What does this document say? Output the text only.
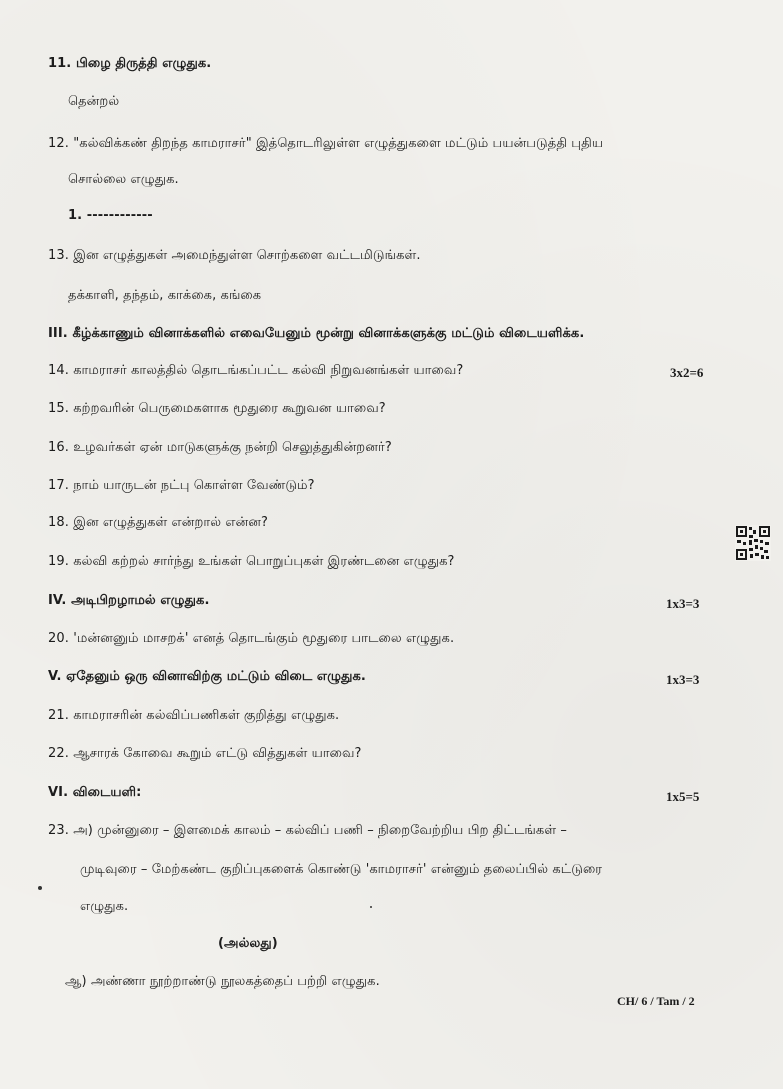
11. பிழை திருத்தி எழுதுக.
தென்றல்
12. "கல்விக்கண் திறந்த காமராசர்" இத்தொடரிலுள்ள எழுத்துகளை மட்டும் பயன்படுத்தி புதிய
சொல்லை எழுதுக.
1. ------------
13. இன எழுத்துகள் அமைந்துள்ள சொற்களை வட்டமிடுங்கள்.
தக்காளி, தந்தம், காக்கை, கங்கை
III. கீழ்க்காணும் வினாக்களில் எவையேனும் மூன்று வினாக்களுக்கு மட்டும் விடையளிக்க.
14. காமராசர் காலத்தில் தொடங்கப்பட்ட கல்வி நிறுவனங்கள் யாவை?	3x2=6
15. கற்றவரின் பெருமைகளாக மூதுரை கூறுவன யாவை?
16. உழவர்கள் ஏன் மாடுகளுக்கு நன்றி செலுத்துகின்றனர்?
17. நாம் யாருடன் நட்பு கொள்ள வேண்டும்?
18. இன எழுத்துகள் என்றால் என்ன?
19. கல்வி கற்றல் சார்ந்து உங்கள் பொறுப்புகள் இரண்டனை எழுதுக?
IV. அடிபிறழாமல் எழுதுக.	1x3=3
20. 'மன்னனும் மாசறக்' எனத் தொடங்கும் மூதுரை பாடலை எழுதுக.
V. ஏதேனும் ஒரு வினாவிற்கு மட்டும் விடை எழுதுக.	1x3=3
21. காமராசரின் கல்விப்பணிகள் குறித்து எழுதுக.
22. ஆசாரக் கோவை கூறும் எட்டு வித்துகள் யாவை?
VI. விடையளி:	1x5=5
23. அ) முன்னுரை – இளமைக் காலம் – கல்விப் பணி – நிறைவேற்றிய பிற திட்டங்கள் –
முடிவுரை – மேற்கண்ட குறிப்புகளைக் கொண்டு 'காமராசர்' என்னும் தலைப்பில் கட்டுரை
எழுதுக.
(அல்லது)
ஆ) அண்ணா நூற்றாண்டு நூலகத்தைப் பற்றி எழுதுக.
CH/ 6 / Tam / 2
